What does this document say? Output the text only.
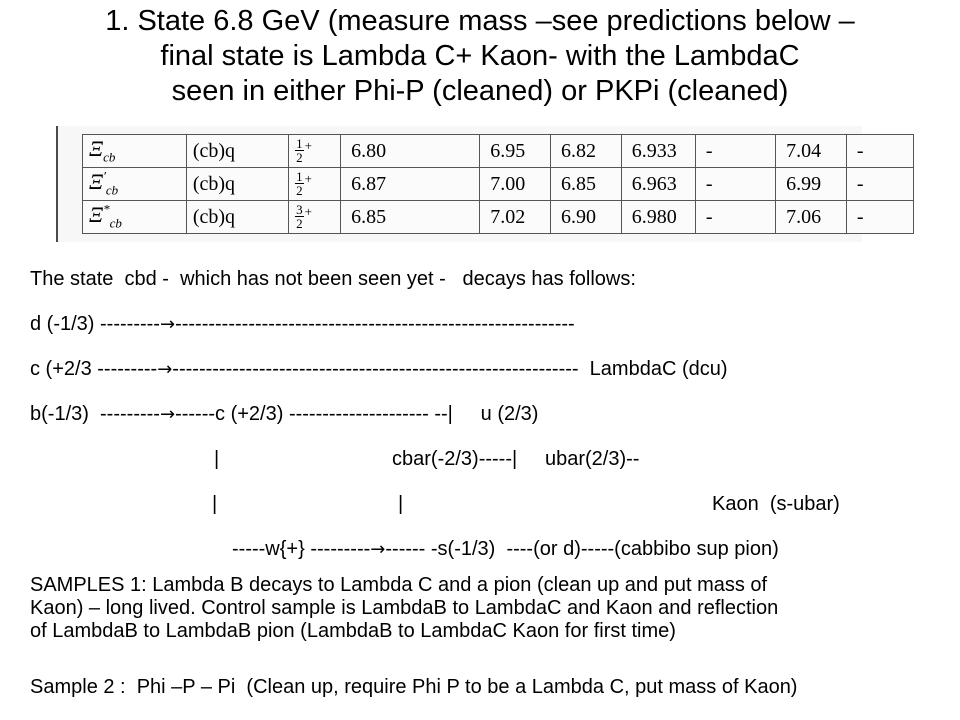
1. State 6.8 GeV (measure mass –see predictions below –
final state is Lambda C+ Kaon- with the LambdaC
seen in either Phi-P (cleaned) or PKPi (cleaned)
$\Xi_{cb}$	(cb)q	$\frac{1}{2} ^+$	6.80	6.95	6.82	6.933	-	7.04	-
$\Xi'_{cb}$	(cb)q	$\frac{1}{2} ^+$	6.87	7.00	6.85	6.963	-	6.99	-
$\Xi^*_{cb}$	(cb)q	$\frac{3}{2} ^+$	6.85	7.02	6.90	6.980	-	7.06	-
The state  cbd -  which has not been seen yet -   decays has follows:
d (-1/3) ---------→------------------------------------------------------------
c (+2/3 ---------→-------------------------------------------------------------  LambdaC (dcu)
b(-1/3)  ---------→------c (+2/3) --------------------- --|     u (2/3)
|	cbar(-2/3)-----|     ubar(2/3)--
|	|	Kaon  (s-ubar)
-----w{+} ---------→------ -s(-1/3)  ----(or d)-----(cabbibo sup pion)
SAMPLES 1: Lambda B decays to Lambda C and a pion (clean up and put mass of
Kaon) – long lived. Control sample is LambdaB to LambdaC and Kaon and reflection
of LambdaB to LambdaB pion (LambdaB to LambdaC Kaon for first time)
Sample 2 :  Phi –P – Pi  (Clean up, require Phi P to be a Lambda C, put mass of Kaon)
